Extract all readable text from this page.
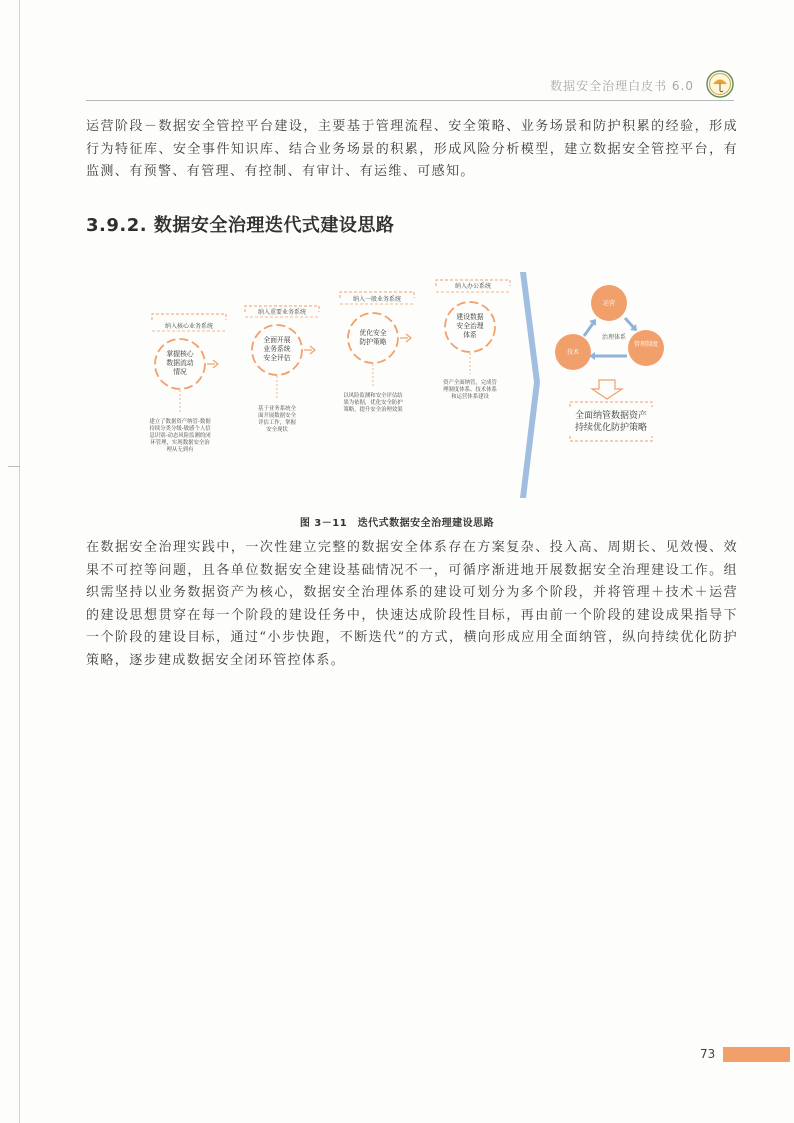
数据安全治理白皮书 6.0
运营阶段－数据安全管控平台建设，主要基于管理流程、安全策略、业务场景和防护积累的经验，形成行为特征库、安全事件知识库、结合业务场景的积累，形成风险分析模型，建立数据安全管控平台，有监测、有预警、有管理、有控制、有审计、有运维、可感知。
3.9.2. 数据安全治理迭代式建设思路
纳入核心业务系统
掌握核心
数据流动
情况
建立了数据资产纳管-数据
持续分类分级-敏感个人信
息识别-动态风险监测的闭
环管理，实现数据安全治
理从无到有
纳入重要业务系统
全面开展
业务系统
安全评估
基于业务系统全
面开展数据安全
评估工作，掌握
安全现状
纳入一般业务系统
优化安全
防护策略
以风险监测和安全评估结
果为依据，优化安全防护
策略，提升安全治理效果
纳入办公系统
建设数据
安全治理
体系
资产全面纳管，完成管
理制度体系、技术体系
和运营体系建设
治理体系
运营
管理制度
技术
全面纳管数据资产
持续优化防护策略
图 3－11　迭代式数据安全治理建设思路
在数据安全治理实践中，一次性建立完整的数据安全体系存在方案复杂、投入高、周期长、见效慢、效果不可控等问题，且各单位数据安全建设基础情况不一，可循序渐进地开展数据安全治理建设工作。组织需坚持以业务数据资产为核心，数据安全治理体系的建设可划分为多个阶段，并将管理＋技术＋运营的建设思想贯穿在每一个阶段的建设任务中，快速达成阶段性目标，再由前一个阶段的建设成果指导下一个阶段的建设目标，通过“小步快跑，不断迭代”的方式，横向形成应用全面纳管，纵向持续优化防护策略，逐步建成数据安全闭环管控体系。
73
